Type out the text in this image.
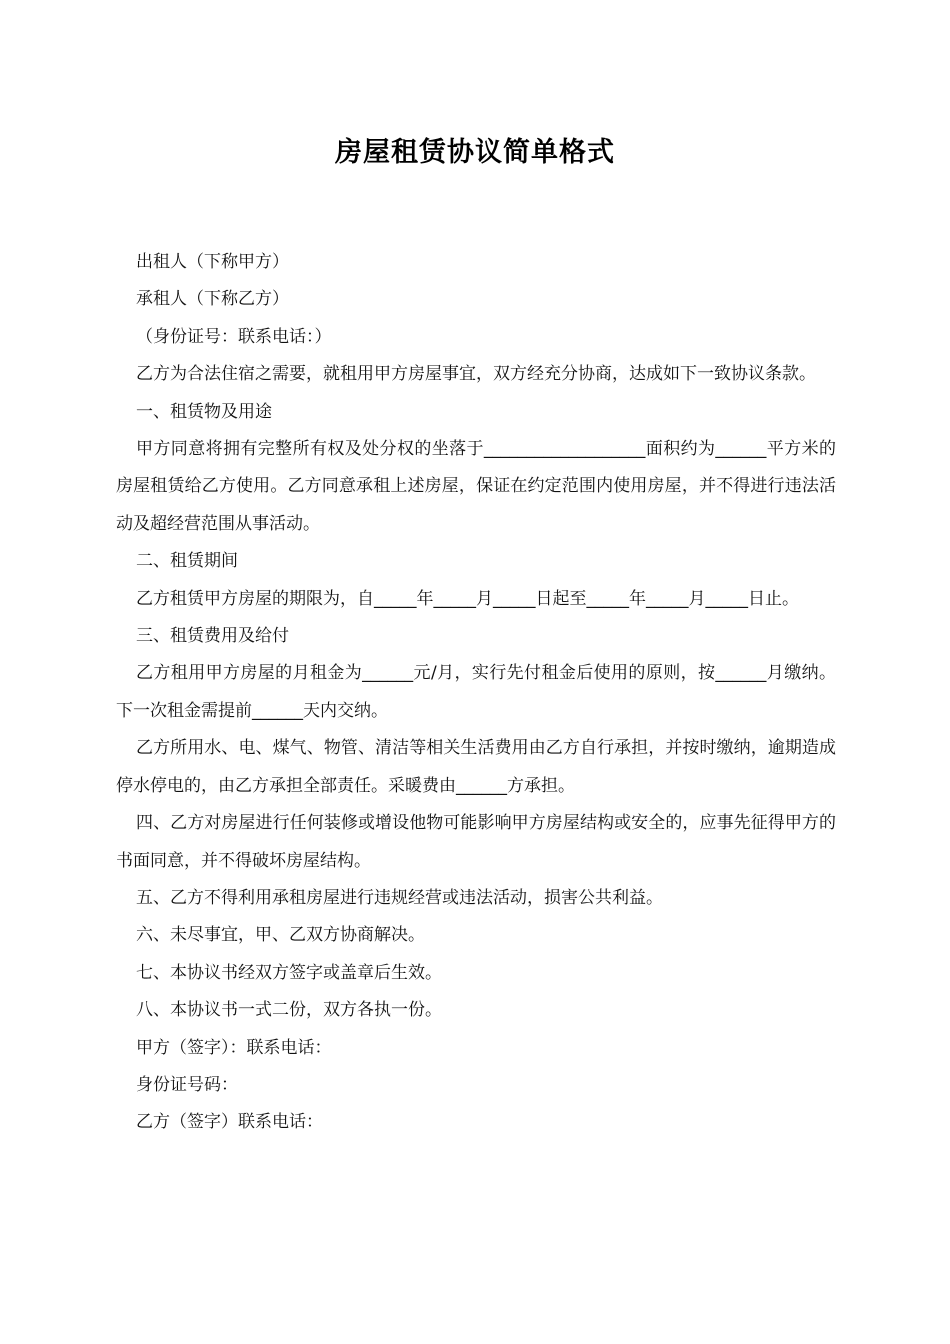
房屋租赁协议简单格式

出租人（下称甲方）

承租人（下称乙方）

（身份证号：联系电话：）

乙方为合法住宿之需要，就租用甲方房屋事宜，双方经充分协商，达成如下一致协议条款。

一、租赁物及用途

甲方同意将拥有完整所有权及处分权的坐落于___________________面积约为______平方米的房屋租赁给乙方使用。乙方同意承租上述房屋，保证在约定范围内使用房屋，并不得进行违法活动及超经营范围从事活动。

二、租赁期间

乙方租赁甲方房屋的期限为，自_____年_____月_____日起至_____年_____月_____日止。

三、租赁费用及给付

乙方租用甲方房屋的月租金为______元/月，实行先付租金后使用的原则，按______月缴纳。下一次租金需提前______天内交纳。

乙方所用水、电、煤气、物管、清洁等相关生活费用由乙方自行承担，并按时缴纳，逾期造成停水停电的，由乙方承担全部责任。采暖费由______方承担。

四、乙方对房屋进行任何装修或增设他物可能影响甲方房屋结构或安全的，应事先征得甲方的书面同意，并不得破坏房屋结构。

五、乙方不得利用承租房屋进行违规经营或违法活动，损害公共利益。

六、未尽事宜，甲、乙双方协商解决。

七、本协议书经双方签字或盖章后生效。

八、本协议书一式二份，双方各执一份。

甲方（签字）：联系电话：

身份证号码：

乙方（签字）联系电话：
